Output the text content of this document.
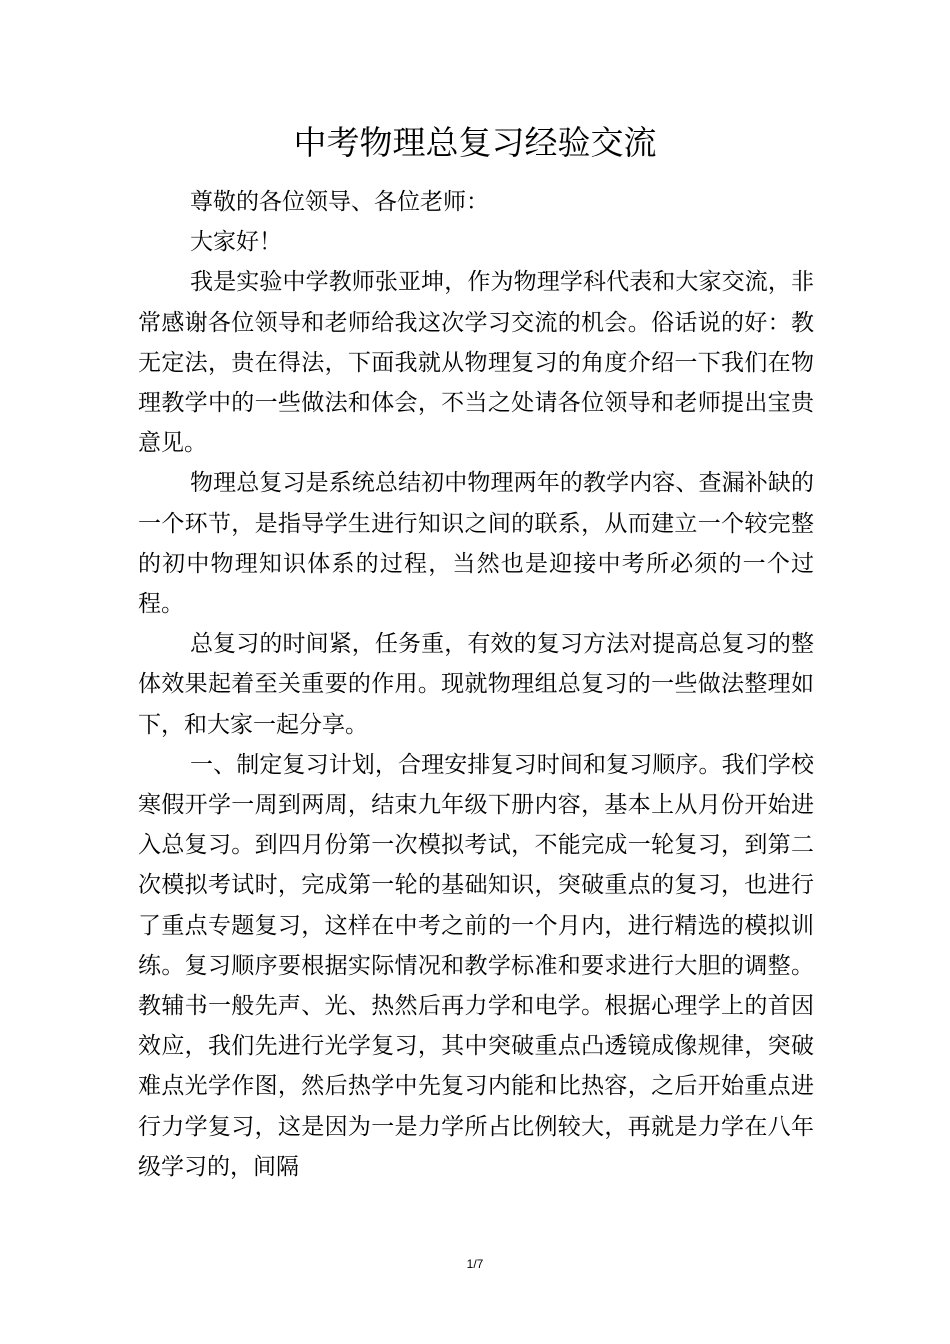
中考物理总复习经验交流

尊敬的各位领导、各位老师：

大家好！

我是实验中学教师张亚坤，作为物理学科代表和大家交流，非常感谢各位领导和老师给我这次学习交流的机会。俗话说的好：教无定法，贵在得法，下面我就从物理复习的角度介绍一下我们在物理教学中的一些做法和体会，不当之处请各位领导和老师提出宝贵意见。

物理总复习是系统总结初中物理两年的教学内容、查漏补缺的一个环节，是指导学生进行知识之间的联系，从而建立一个较完整的初中物理知识体系的过程，当然也是迎接中考所必须的一个过程。

总复习的时间紧，任务重，有效的复习方法对提高总复习的整体效果起着至关重要的作用。现就物理组总复习的一些做法整理如下，和大家一起分享。

一、制定复习计划，合理安排复习时间和复习顺序。我们学校寒假开学一周到两周，结束九年级下册内容，基本上从月份开始进入总复习。到四月份第一次模拟考试，不能完成一轮复习，到第二次模拟考试时，完成第一轮的基础知识，突破重点的复习，也进行了重点专题复习，这样在中考之前的一个月内，进行精选的模拟训练。复习顺序要根据实际情况和教学标准和要求进行大胆的调整。教辅书一般先声、光、热然后再力学和电学。根据心理学上的首因效应，我们先进行光学复习，其中突破重点凸透镜成像规律，突破难点光学作图，然后热学中先复习内能和比热容，之后开始重点进行力学复习，这是因为一是力学所占比例较大，再就是力学在八年级学习的，间隔

1/7
